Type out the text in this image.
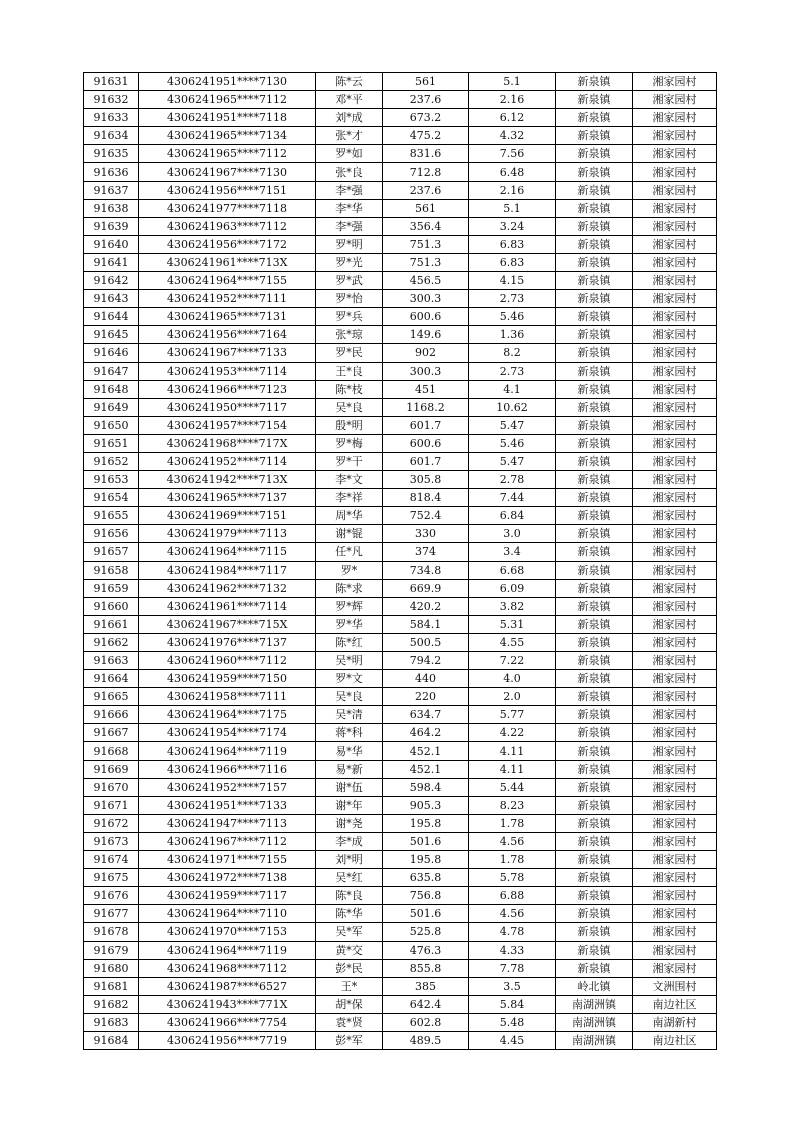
91631	4306241951****7130	陈*云	561	5.1	新泉镇	湘家园村
91632	4306241965****7112	邓*平	237.6	2.16	新泉镇	湘家园村
91633	4306241951****7118	刘*成	673.2	6.12	新泉镇	湘家园村
91634	4306241965****7134	张*才	475.2	4.32	新泉镇	湘家园村
91635	4306241965****7112	罗*如	831.6	7.56	新泉镇	湘家园村
91636	4306241967****7130	张*良	712.8	6.48	新泉镇	湘家园村
91637	4306241956****7151	李*强	237.6	2.16	新泉镇	湘家园村
91638	4306241977****7118	李*华	561	5.1	新泉镇	湘家园村
91639	4306241963****7112	李*强	356.4	3.24	新泉镇	湘家园村
91640	4306241956****7172	罗*明	751.3	6.83	新泉镇	湘家园村
91641	4306241961****713X	罗*光	751.3	6.83	新泉镇	湘家园村
91642	4306241964****7155	罗*武	456.5	4.15	新泉镇	湘家园村
91643	4306241952****7111	罗*怡	300.3	2.73	新泉镇	湘家园村
91644	4306241965****7131	罗*兵	600.6	5.46	新泉镇	湘家园村
91645	4306241956****7164	张*琼	149.6	1.36	新泉镇	湘家园村
91646	4306241967****7133	罗*民	902	8.2	新泉镇	湘家园村
91647	4306241953****7114	王*良	300.3	2.73	新泉镇	湘家园村
91648	4306241966****7123	陈*枝	451	4.1	新泉镇	湘家园村
91649	4306241950****7117	吴*良	1168.2	10.62	新泉镇	湘家园村
91650	4306241957****7154	殷*明	601.7	5.47	新泉镇	湘家园村
91651	4306241968****717X	罗*梅	600.6	5.46	新泉镇	湘家园村
91652	4306241952****7114	罗*干	601.7	5.47	新泉镇	湘家园村
91653	4306241942****713X	李*文	305.8	2.78	新泉镇	湘家园村
91654	4306241965****7137	李*祥	818.4	7.44	新泉镇	湘家园村
91655	4306241969****7151	周*华	752.4	6.84	新泉镇	湘家园村
91656	4306241979****7113	谢*锟	330	3.0	新泉镇	湘家园村
91657	4306241964****7115	任*凡	374	3.4	新泉镇	湘家园村
91658	4306241984****7117	罗*	734.8	6.68	新泉镇	湘家园村
91659	4306241962****7132	陈*求	669.9	6.09	新泉镇	湘家园村
91660	4306241961****7114	罗*辉	420.2	3.82	新泉镇	湘家园村
91661	4306241967****715X	罗*华	584.1	5.31	新泉镇	湘家园村
91662	4306241976****7137	陈*红	500.5	4.55	新泉镇	湘家园村
91663	4306241960****7112	吴*明	794.2	7.22	新泉镇	湘家园村
91664	4306241959****7150	罗*文	440	4.0	新泉镇	湘家园村
91665	4306241958****7111	吴*良	220	2.0	新泉镇	湘家园村
91666	4306241964****7175	吴*清	634.7	5.77	新泉镇	湘家园村
91667	4306241954****7174	蒋*科	464.2	4.22	新泉镇	湘家园村
91668	4306241964****7119	易*华	452.1	4.11	新泉镇	湘家园村
91669	4306241966****7116	易*新	452.1	4.11	新泉镇	湘家园村
91670	4306241952****7157	谢*伍	598.4	5.44	新泉镇	湘家园村
91671	4306241951****7133	谢*年	905.3	8.23	新泉镇	湘家园村
91672	4306241947****7113	谢*尧	195.8	1.78	新泉镇	湘家园村
91673	4306241967****7112	李*成	501.6	4.56	新泉镇	湘家园村
91674	4306241971****7155	刘*明	195.8	1.78	新泉镇	湘家园村
91675	4306241972****7138	吴*红	635.8	5.78	新泉镇	湘家园村
91676	4306241959****7117	陈*良	756.8	6.88	新泉镇	湘家园村
91677	4306241964****7110	陈*华	501.6	4.56	新泉镇	湘家园村
91678	4306241970****7153	吴*军	525.8	4.78	新泉镇	湘家园村
91679	4306241964****7119	黄*交	476.3	4.33	新泉镇	湘家园村
91680	4306241968****7112	彭*民	855.8	7.78	新泉镇	湘家园村
91681	4306241987****6527	王*	385	3.5	岭北镇	文洲围村
91682	4306241943****771X	胡*保	642.4	5.84	南湖洲镇	南边社区
91683	4306241966****7754	袁*贤	602.8	5.48	南湖洲镇	南湖新村
91684	4306241956****7719	彭*军	489.5	4.45	南湖洲镇	南边社区
